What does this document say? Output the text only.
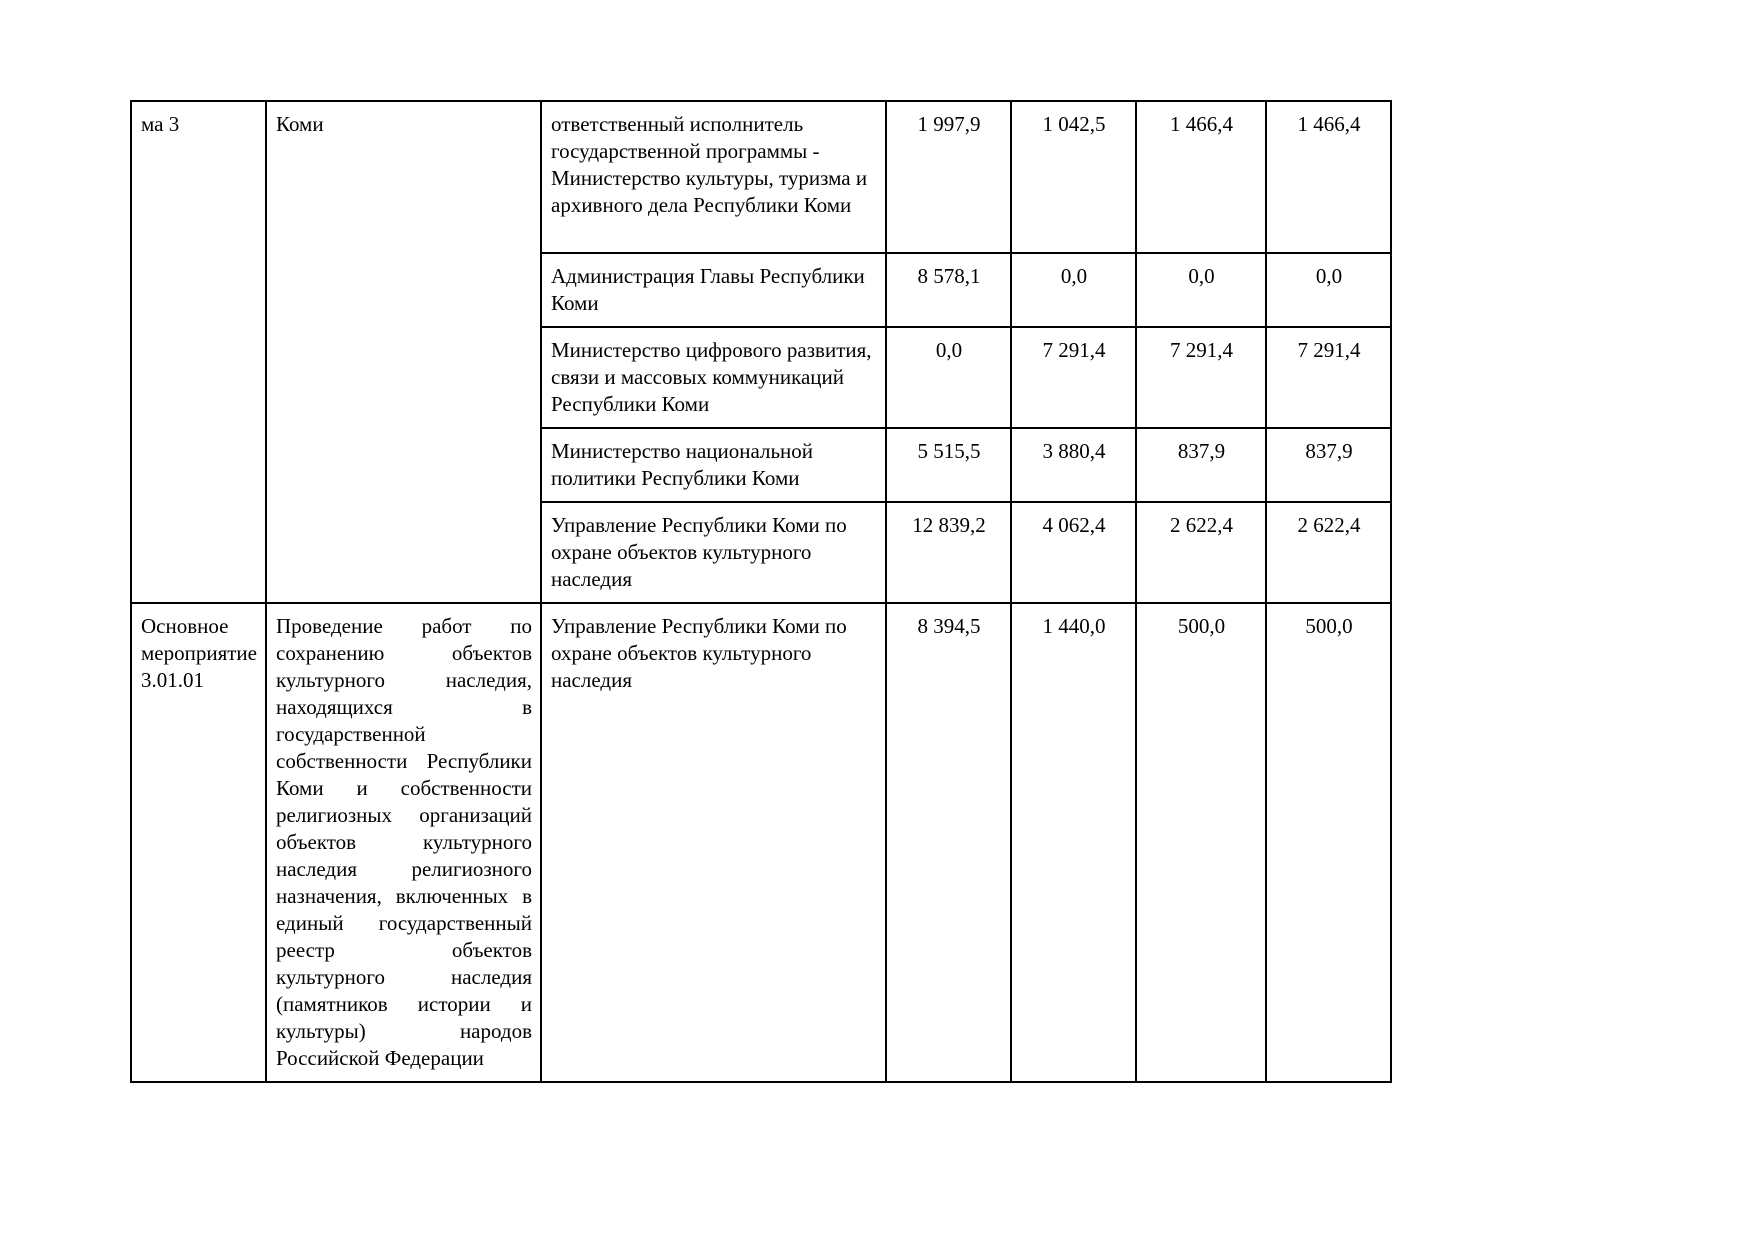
ма 3	Коми	ответственный исполнитель государственной программы - Министерство культуры, туризма и архивного дела Республики Коми	1 997,9	1 042,5	1 466,4	1 466,4
		Администрация Главы Республики Коми	8 578,1	0,0	0,0	0,0
		Министерство цифрового развития, связи и массовых коммуникаций Республики Коми	0,0	7 291,4	7 291,4	7 291,4
		Министерство национальной политики Республики Коми	5 515,5	3 880,4	837,9	837,9
		Управление Республики Коми по охране объектов культурного наследия	12 839,2	4 062,4	2 622,4	2 622,4
Основное мероприятие 3.01.01	Проведение работ по сохранению объектов культурного наследия, находящихся в государственной собственности Республики Коми и собственности религиозных организаций объектов культурного наследия религиозного назначения, включенных в единый государственный реестр объектов культурного наследия (памятников истории и культуры) народов Российской Федерации	Управление Республики Коми по охране объектов культурного наследия	8 394,5	1 440,0	500,0	500,0
